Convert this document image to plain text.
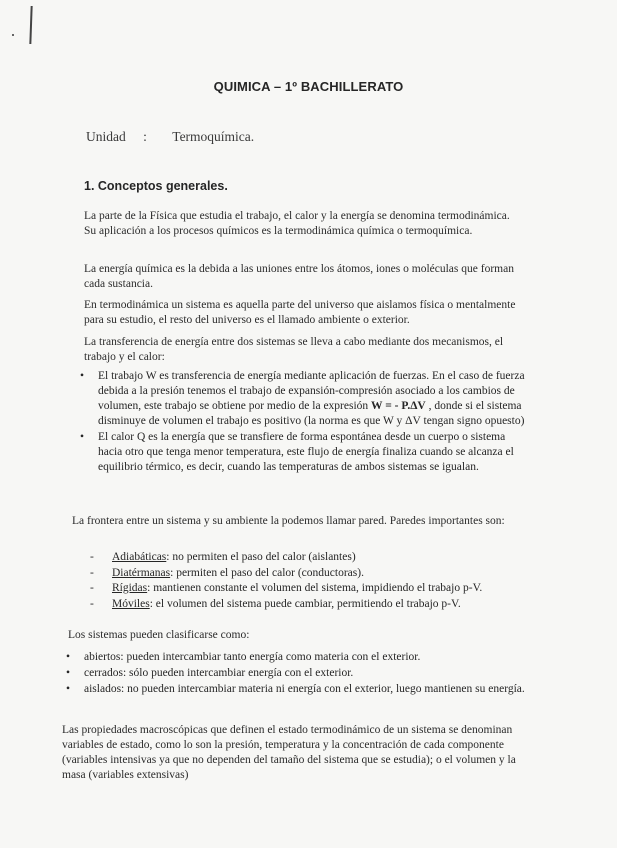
QUIMICA – 1º BACHILLERATO
Unidad : Termoquímica.
1. Conceptos generales.

La parte de la Física que estudia el trabajo, el calor y la energía se denomina termodinámica. Su aplicación a los procesos químicos es la termodinámica química o termoquímica.

La energía química es la debida a las uniones entre los átomos, iones o moléculas que forman cada sustancia.

En termodinámica un sistema es aquella parte del universo que aislamos física o mentalmente para su estudio, el resto del universo es el llamado ambiente o exterior.

La transferencia de energía entre dos sistemas se lleva a cabo mediante dos mecanismos, el trabajo y el calor:

• El trabajo W es transferencia de energía mediante aplicación de fuerzas. En el caso de fuerza debida a la presión tenemos el trabajo de expansión-compresión asociado a los cambios de volumen, este trabajo se obtiene por medio de la expresión W = - P.ΔV , donde si el sistema disminuye de volumen el trabajo es positivo (la norma es que W y ΔV tengan signo opuesto)
• El calor Q es la energía que se transfiere de forma espontánea desde un cuerpo o sistema hacia otro que tenga menor temperatura, este flujo de energía finaliza cuando se alcanza el equilibrio térmico, es decir, cuando las temperaturas de ambos sistemas se igualan.

La frontera entre un sistema y su ambiente la podemos llamar pared. Paredes importantes son:

- Adiabáticas: no permiten el paso del calor (aislantes)
- Diatérmanas: permiten el paso del calor (conductoras).
- Rígidas: mantienen constante el volumen del sistema, impidiendo el trabajo p-V.
- Móviles: el volumen del sistema puede cambiar, permitiendo el trabajo p-V.

Los sistemas pueden clasificarse como:

• abiertos: pueden intercambiar tanto energía como materia con el exterior.
• cerrados: sólo pueden intercambiar energía con el exterior.
• aislados: no pueden intercambiar materia ni energía con el exterior, luego mantienen su energía.

Las propiedades macroscópicas que definen el estado termodinámico de un sistema se denominan variables de estado, como lo son la presión, temperatura y la concentración de cada componente (variables intensivas ya que no dependen del tamaño del sistema que se estudia); o el volumen y la masa (variables extensivas)
